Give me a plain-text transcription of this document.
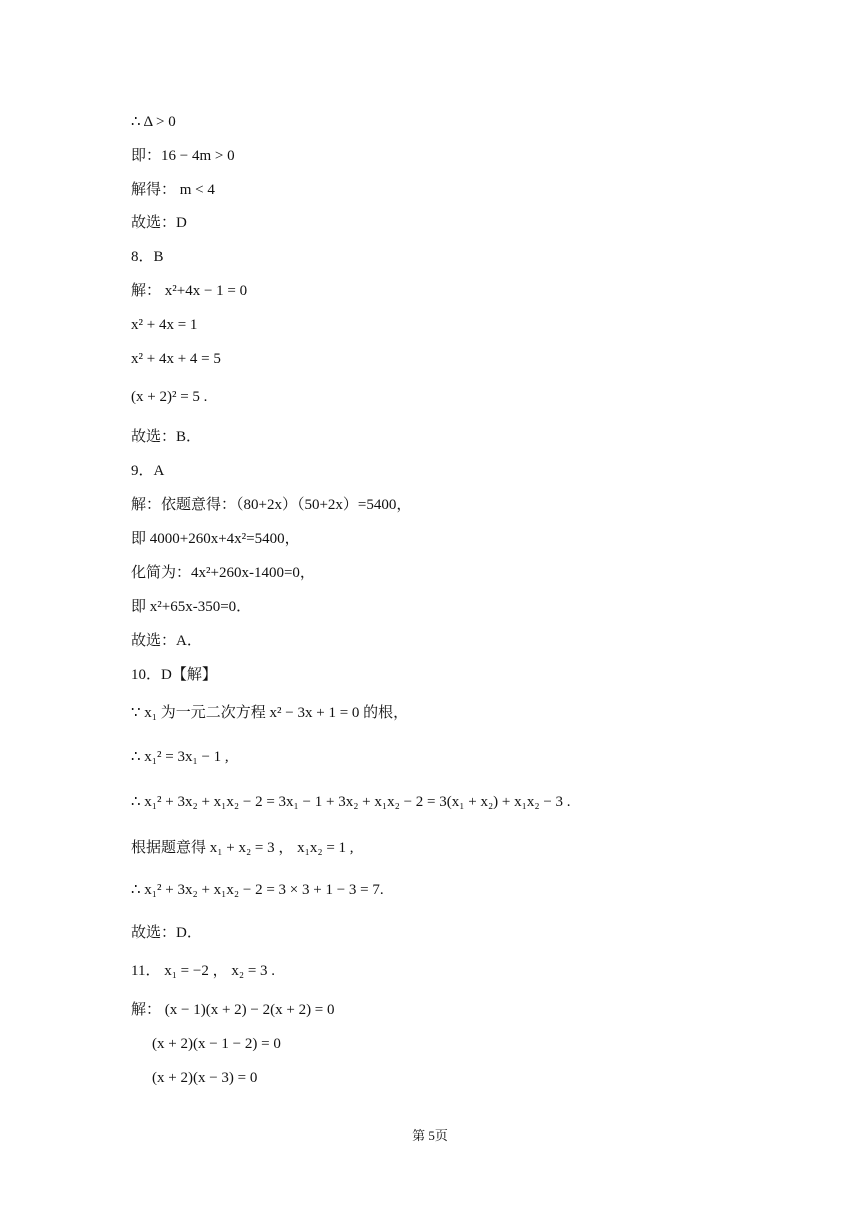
∴ Δ > 0
即：16 − 4m > 0
解得： m < 4
故选：D
8．B
解： x²+4x − 1 = 0
x² + 4x = 1
x² + 4x + 4 = 5
(x + 2)² = 5 .
故选：B．
9．A
解：依题意得：（80+2x）（50+2x）=5400，
即 4000+260x+4x²=5400，
化简为：4x²+260x-1400=0，
即 x²+65x-350=0．
故选：A．
10．D【解】
∵ x₁ 为一元二次方程 x² − 3x + 1 = 0 的根，
∴ x₁² = 3x₁ − 1 ,
∴ x₁² + 3x₂ + x₁x₂ − 2 = 3x₁ − 1 + 3x₂ + x₁x₂ − 2 = 3(x₁ + x₂) + x₁x₂ − 3 .
根据题意得 x₁ + x₂ = 3 ， x₁x₂ = 1 ,
∴ x₁² + 3x₂ + x₁x₂ − 2 = 3 × 3 + 1 − 3 = 7.
故选：D．
11． x₁ = −2 ， x₂ = 3 .
解： (x − 1)(x + 2) − 2(x + 2) = 0
(x + 2)(x − 1 − 2) = 0
(x + 2)(x − 3) = 0
第 5页
